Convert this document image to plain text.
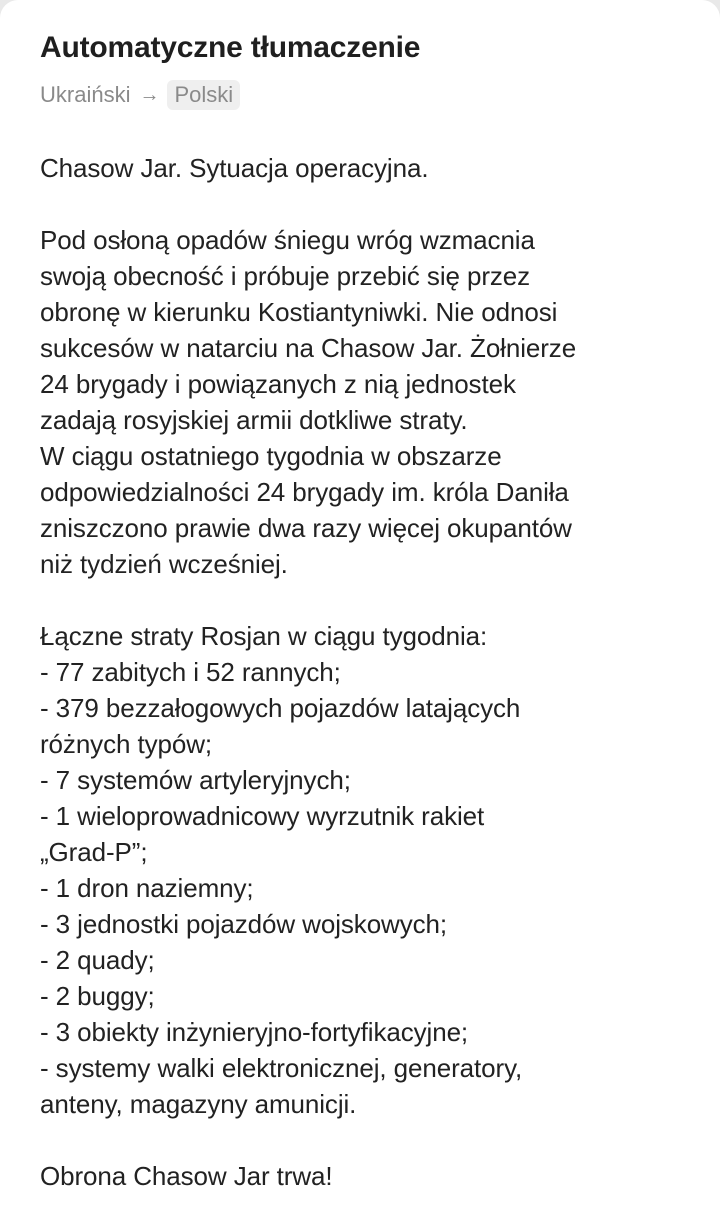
Automatyczne tłumaczenie
Ukraiński → Polski
Chasow Jar. Sytuacja operacyjna.
Pod osłoną opadów śniegu wróg wzmacnia
swoją obecność i próbuje przebić się przez
obronę w kierunku Kostiantyniwki. Nie odnosi
sukcesów w natarciu na Chasow Jar. Żołnierze
24 brygady i powiązanych z nią jednostek
zadają rosyjskiej armii dotkliwe straty.
W ciągu ostatniego tygodnia w obszarze
odpowiedzialności 24 brygady im. króla Daniła
zniszczono prawie dwa razy więcej okupantów
niż tydzień wcześniej.
Łączne straty Rosjan w ciągu tygodnia:
- 77 zabitych i 52 rannych;
- 379 bezzałogowych pojazdów latających
różnych typów;
- 7 systemów artyleryjnych;
- 1 wieloprowadnicowy wyrzutnik rakiet
„Grad-P”;
- 1 dron naziemny;
- 3 jednostki pojazdów wojskowych;
- 2 quady;
- 2 buggy;
- 3 obiekty inżynieryjno-fortyfikacyjne;
- systemy walki elektronicznej, generatory,
anteny, magazyny amunicji.
Obrona Chasow Jar trwa!
